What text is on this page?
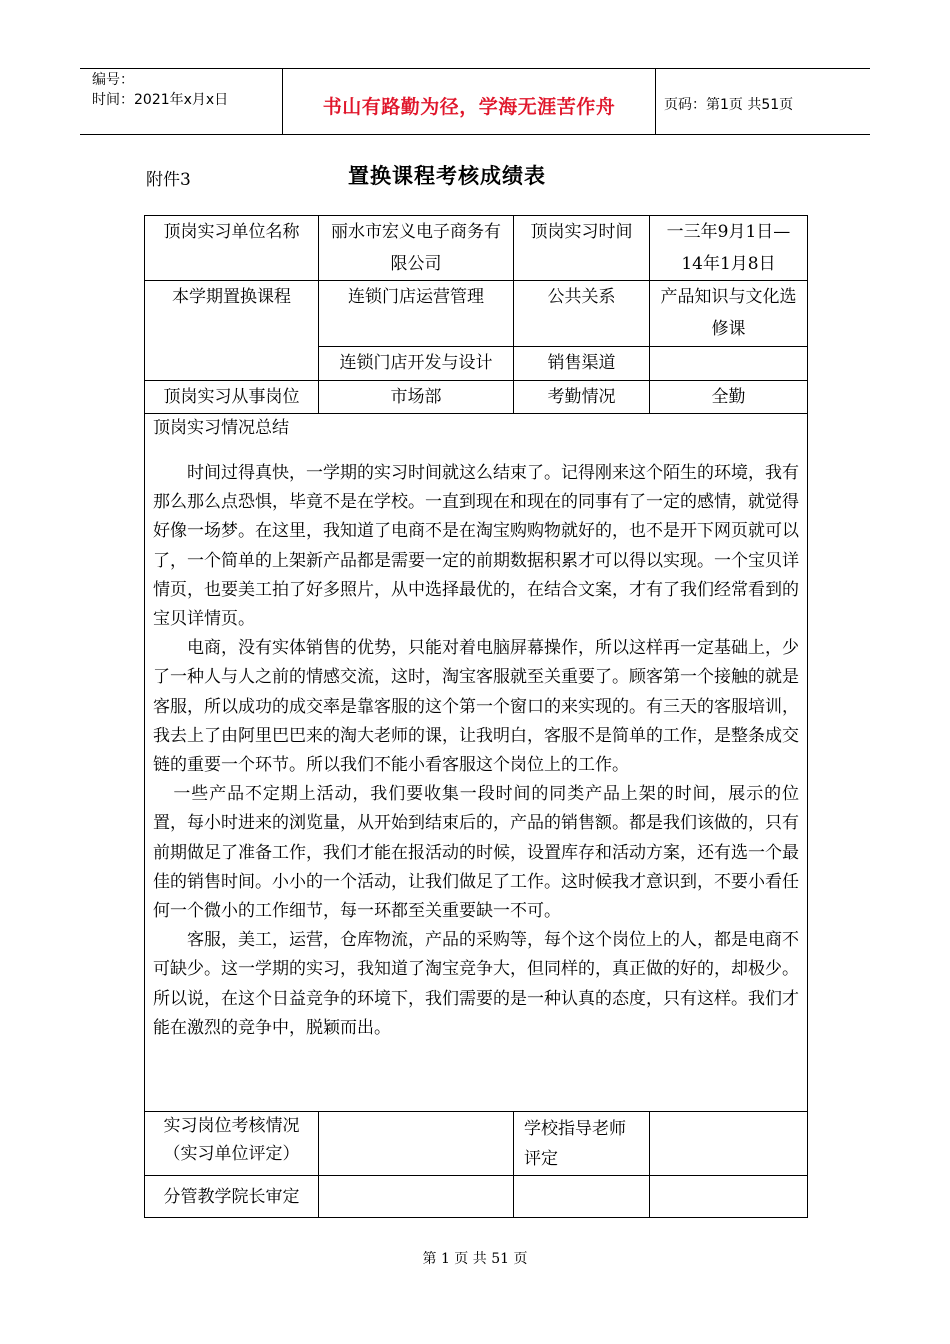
编号：
时间：2021年x月x日	书山有路勤为径，学海无涯苦作舟	页码：第1页 共51页
附件3	置换课程考核成绩表
顶岗实习单位名称	丽水市宏义电子商务有限公司	顶岗实习时间	一三年9月1日—14年1月8日
本学期置换课程	连锁门店运营管理	公共关系	产品知识与文化选修课
	连锁门店开发与设计	销售渠道	
顶岗实习从事岗位	市场部	考勤情况	全勤

顶岗实习情况总结

时间过得真快，一学期的实习时间就这么结束了。记得刚来这个陌生的环境，我有那么那么点恐惧，毕竟不是在学校。一直到现在和现在的同事有了一定的感情，就觉得好像一场梦。在这里，我知道了电商不是在淘宝购购物就好的，也不是开下网页就可以了，一个简单的上架新产品都是需要一定的前期数据积累才可以得以实现。一个宝贝详情页，也要美工拍了好多照片，从中选择最优的，在结合文案，才有了我们经常看到的宝贝详情页。

电商，没有实体销售的优势，只能对着电脑屏幕操作，所以这样再一定基础上，少了一种人与人之前的情感交流，这时，淘宝客服就至关重要了。顾客第一个接触的就是客服，所以成功的成交率是靠客服的这个第一个窗口的来实现的。有三天的客服培训，我去上了由阿里巴巴来的淘大老师的课，让我明白，客服不是简单的工作，是整条成交链的重要一个环节。所以我们不能小看客服这个岗位上的工作。

一些产品不定期上活动，我们要收集一段时间的同类产品上架的时间，展示的位置，每小时进来的浏览量，从开始到结束后的，产品的销售额。都是我们该做的，只有前期做足了准备工作，我们才能在报活动的时候，设置库存和活动方案，还有选一个最佳的销售时间。小小的一个活动，让我们做足了工作。这时候我才意识到，不要小看任何一个微小的工作细节，每一环都至关重要缺一不可。

客服，美工，运营，仓库物流，产品的采购等，每个这个岗位上的人，都是电商不可缺少。这一学期的实习，我知道了淘宝竞争大，但同样的，真正做的好的，却极少。所以说，在这个日益竞争的环境下，我们需要的是一种认真的态度，只有这样。我们才能在激烈的竞争中，脱颖而出。			

实习岗位考核情况（实习单位评定）		学校指导老师评定	
分管教学院长审定			
第 1 页 共 51 页
